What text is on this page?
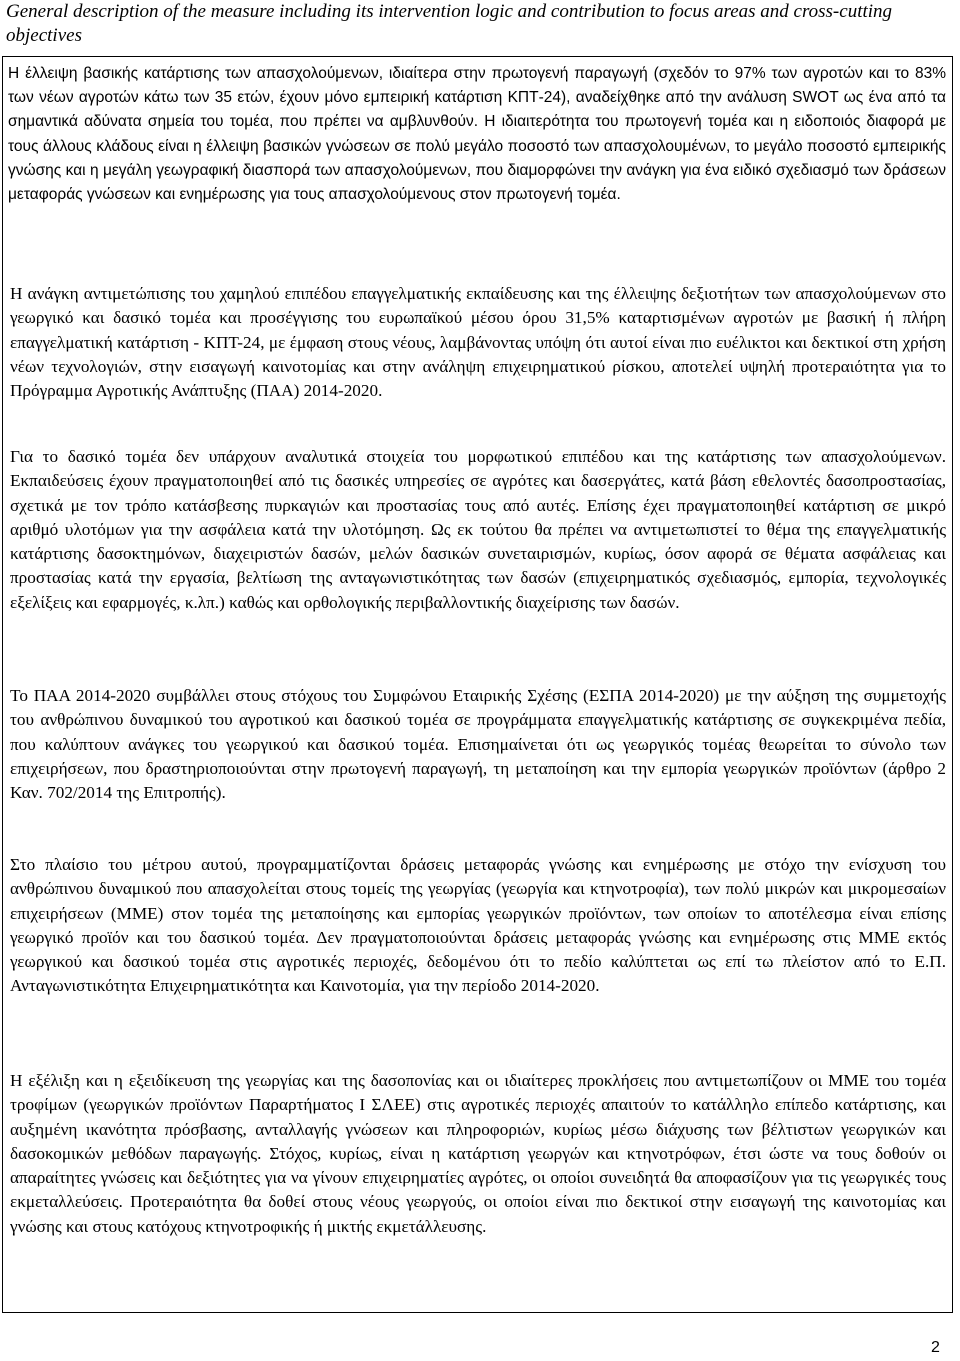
General description of the measure including its intervention logic and contribution to focus areas and cross-cutting objectives

Η έλλειψη βασικής κατάρτισης των απασχολούμενων, ιδιαίτερα στην πρωτογενή παραγωγή (σχεδόν το 97% των αγροτών και το 83% των νέων αγροτών κάτω των 35 ετών, έχουν μόνο εμπειρική κατάρτιση ΚΠΤ-24), αναδείχθηκε από την ανάλυση SWOT ως ένα από τα σημαντικά αδύνατα σημεία του τομέα, που πρέπει να αμβλυνθούν. Η ιδιαιτερότητα του πρωτογενή τομέα και η ειδοποιός διαφορά με τους άλλους κλάδους είναι η έλλειψη βασικών γνώσεων σε πολύ μεγάλο ποσοστό των απασχολουμένων, το μεγάλο ποσοστό εμπειρικής γνώσης και η μεγάλη γεωγραφική διασπορά των απασχολούμενων, που διαμορφώνει την ανάγκη για ένα ειδικό σχεδιασμό των δράσεων μεταφοράς γνώσεων και ενημέρωσης για τους απασχολούμενους στον πρωτογενή τομέα.

Η ανάγκη αντιμετώπισης του χαμηλού επιπέδου επαγγελματικής εκπαίδευσης και της έλλειψης δεξιοτήτων των απασχολούμενων στο γεωργικό και δασικό τομέα και προσέγγισης του ευρωπαϊκού μέσου όρου 31,5% καταρτισμένων αγροτών με βασική ή πλήρη επαγγελματική κατάρτιση - ΚΠΤ-24, με έμφαση στους νέους, λαμβάνοντας υπόψη ότι αυτοί είναι πιο ευέλικτοι και δεκτικοί στη χρήση νέων τεχνολογιών, στην εισαγωγή καινοτομίας και στην ανάληψη επιχειρηματικού ρίσκου, αποτελεί υψηλή προτεραιότητα για το Πρόγραμμα Αγροτικής Ανάπτυξης (ΠΑΑ) 2014-2020.

Για το δασικό τομέα δεν υπάρχουν αναλυτικά στοιχεία του μορφωτικού επιπέδου και της κατάρτισης των απασχολούμενων. Εκπαιδεύσεις έχουν πραγματοποιηθεί από τις δασικές υπηρεσίες σε αγρότες και δασεργάτες, κατά βάση εθελοντές δασοπροστασίας, σχετικά με τον τρόπο κατάσβεσης πυρκαγιών και προστασίας τους από αυτές. Επίσης έχει πραγματοποιηθεί κατάρτιση σε μικρό αριθμό υλοτόμων για την ασφάλεια κατά την υλοτόμηση. Ως εκ τούτου θα πρέπει να αντιμετωπιστεί το θέμα της επαγγελματικής κατάρτισης δασοκτημόνων, διαχειριστών δασών, μελών δασικών συνεταιρισμών, κυρίως, όσον αφορά σε θέματα ασφάλειας και προστασίας κατά την εργασία, βελτίωση της ανταγωνιστικότητας των δασών (επιχειρηματικός σχεδιασμός, εμπορία, τεχνολογικές εξελίξεις και εφαρμογές, κ.λπ.) καθώς και ορθολογικής περιβαλλοντικής διαχείρισης των δασών.

Το ΠΑΑ 2014-2020 συμβάλλει στους στόχους του Συμφώνου Εταιρικής Σχέσης (ΕΣΠΑ 2014-2020) με την αύξηση της συμμετοχής του ανθρώπινου δυναμικού του αγροτικού και δασικού τομέα σε προγράμματα επαγγελματικής κατάρτισης σε συγκεκριμένα πεδία, που καλύπτουν ανάγκες του γεωργικού και δασικού τομέα. Επισημαίνεται ότι ως γεωργικός τομέας θεωρείται το σύνολο των επιχειρήσεων, που δραστηριοποιούνται στην πρωτογενή παραγωγή, τη μεταποίηση και την εμπορία γεωργικών προϊόντων (άρθρο 2 Καν. 702/2014 της Επιτροπής).

Στο πλαίσιο του μέτρου αυτού, προγραμματίζονται δράσεις μεταφοράς γνώσης και ενημέρωσης με στόχο την ενίσχυση του ανθρώπινου δυναμικού που απασχολείται στους τομείς της γεωργίας (γεωργία και κτηνοτροφία), των πολύ μικρών και μικρομεσαίων επιχειρήσεων (ΜΜΕ) στον τομέα της μεταποίησης και εμπορίας γεωργικών προϊόντων, των οποίων το αποτέλεσμα είναι επίσης γεωργικό προϊόν και του δασικού τομέα. Δεν πραγματοποιούνται δράσεις μεταφοράς γνώσης και ενημέρωσης στις ΜΜΕ εκτός γεωργικού και δασικού τομέα στις αγροτικές περιοχές, δεδομένου ότι το πεδίο καλύπτεται ως επί τω πλείστον από το Ε.Π. Ανταγωνιστικότητα Επιχειρηματικότητα και Καινοτομία, για την περίοδο 2014-2020.

Η εξέλιξη και η εξειδίκευση της γεωργίας και της δασοπονίας και οι ιδιαίτερες προκλήσεις που αντιμετωπίζουν οι ΜΜΕ του τομέα τροφίμων (γεωργικών προϊόντων Παραρτήματος Ι ΣΛΕΕ) στις αγροτικές περιοχές απαιτούν το κατάλληλο επίπεδο κατάρτισης, και αυξημένη ικανότητα πρόσβασης, ανταλλαγής γνώσεων και πληροφοριών, κυρίως μέσω διάχυσης των βέλτιστων γεωργικών και δασοκομικών μεθόδων παραγωγής. Στόχος, κυρίως, είναι η κατάρτιση γεωργών και κτηνοτρόφων, έτσι ώστε να τους δοθούν οι απαραίτητες γνώσεις και δεξιότητες για να γίνουν επιχειρηματίες αγρότες, οι οποίοι συνειδητά θα αποφασίζουν για τις γεωργικές τους εκμεταλλεύσεις. Προτεραιότητα θα δοθεί στους νέους γεωργούς, οι οποίοι είναι πιο δεκτικοί στην εισαγωγή της καινοτομίας και γνώσης και στους κατόχους κτηνοτροφικής ή μικτής εκμετάλλευσης.

2
